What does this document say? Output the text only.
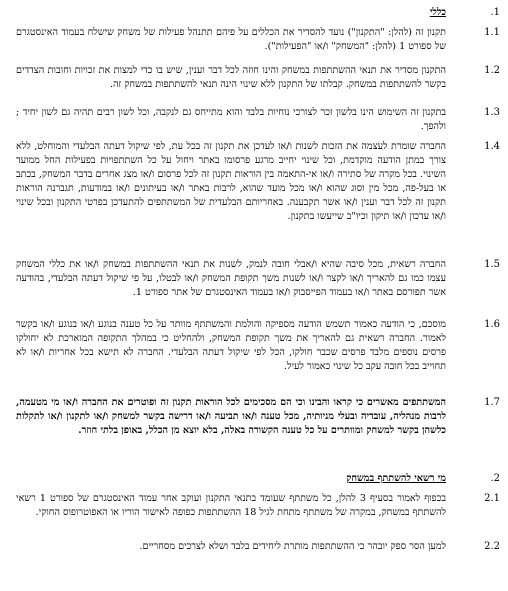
.1
כללי
1.1
תקנון זה (להלן: "התקנון") נועד להסדיר את הכללים על פיהם תתנהל פעילות של משחק שישלח בעמוד האינסטגרם של ספורט 1 (להלן: "המשחק" ו/או "הפעילות").
1.2
התקנון מסדיר את תנאי ההשתתפות במשחק והינו חוזה לכל דבר וענין, שיש בו כדי למצות את זכויות וחובות הצדדים בקשר להשתתפות במשחק. קבלתו של התקנון ללא שינוי הינה תנאי להשתתפות במשחק זה.
1.3
בתקנון זה השימוש הינו בלשון זכר לצורכי נוחיות בלבד והוא מתייחס גם לנקבה, וכל לשון רבים תהיה גם לשון יחיד ; ולהפך.
1.4
החברה שומרת לעצמה את הזכות לשנות ו/או לעדכן את תקנון זה בכל עת, לפי שיקול דעתה הבלעדי והמוחלט, ללא צורך במתן הודעה מוקדמת, וכל שינוי יחייב מרגע פרסומו באתר ויחול על כל השתתפויות בפעילות החל ממועד השינוי. בכל מקרה של סתירה ו/או אי-התאמה בין הוראות תקנון זה לכל פרסום ו/או מצג אחרים בדבר המשחק, בכתב או בעל-פה, מכל מין וסוג שהוא ו/או מכל מועד שהוא, לרבות באתר ו/או בעיתונים ו/או במודעות, תגברנה הוראות תקנון זה לכל דבר וענין ו/או אשר תקבענה. באחריותם הבלעדית של המשתתפים להתעדכן בפרטי התקנון ובכל שינוי ו/או עדכון ו/או תיקון וכיו"ב שייעשו בתקנון.
1.5
החברה רשאית, מכל סיבה שהיא ו/אבלי חובה לנמק, לשנות את תנאי ההשתתפות במשחק ו/או את כללי המשחק עצמו כמו גם להאריך ו/או לקצר ו/או לשנות משך תקופת המשחק ו/או לבטלו, על פי שיקול דעתה הבלעדי, בהודעה אשר תפורסם באתר ו/או בעמוד הפייסבוק ו/או בעמוד האינסטגרם של אתר ספורט 1.
1.6
מוסכם, כי הודעה כאמור תשמש הודעה מספיקה והולמת והמשתתף מוותר על כל טענה בנוגע ו/או בנוגע ו/או בקשר לאמור. החברה רשאית גם להאריך את משך תקופת המשחק, ולהחליט כי במהלך התקופה המוארכת לא יחולקו פרסים נוספים מלבד פרסים שכבר חולקו, הכל לפי שיקול דעתה הבלעדי. החברה לא תישא בכל אחריות ו/או לא תחוייב בכל חובה עקב כל שינוי כאמור לעיל.
1.7
המשתתפים מאשרים כי קראו והבינו וכי הם מסכימים לכל הוראות תקנון זה ופוטרים את החברה ו/או מי מטעמה, לרבות מנהליה, עובדיה ובעלי מניותיה, מכל טענה ו/או תביעה ו/או דרישה בקשר למשחק ו/או לתקנון ו/או לתקלות כלשהן בקשר למשחק ומוותרים על כל טענה הקשורה באלה, בלא יוצא מן הכלל, באופן בלתי חוזר.
.2
מי רשאי להשתתף במשחק
2.1
בכפוף לאמור בסעיף 3 להלן, כל משתתף שעומד בתנאי התקנון ועוקב אחר עמוד האינסטגרם של ספורט 1 רשאי להשתתף במשחק, במקרה של משתתף מתחת לגיל 18 ההשתתפות כפופה לאישור הוריו או האפוטרופוס החוקי.
2.2
למען הסר ספק יובהר כי ההשתתפות מותרת ליחידים בלבד ושלא לצרכים מסחריים.
